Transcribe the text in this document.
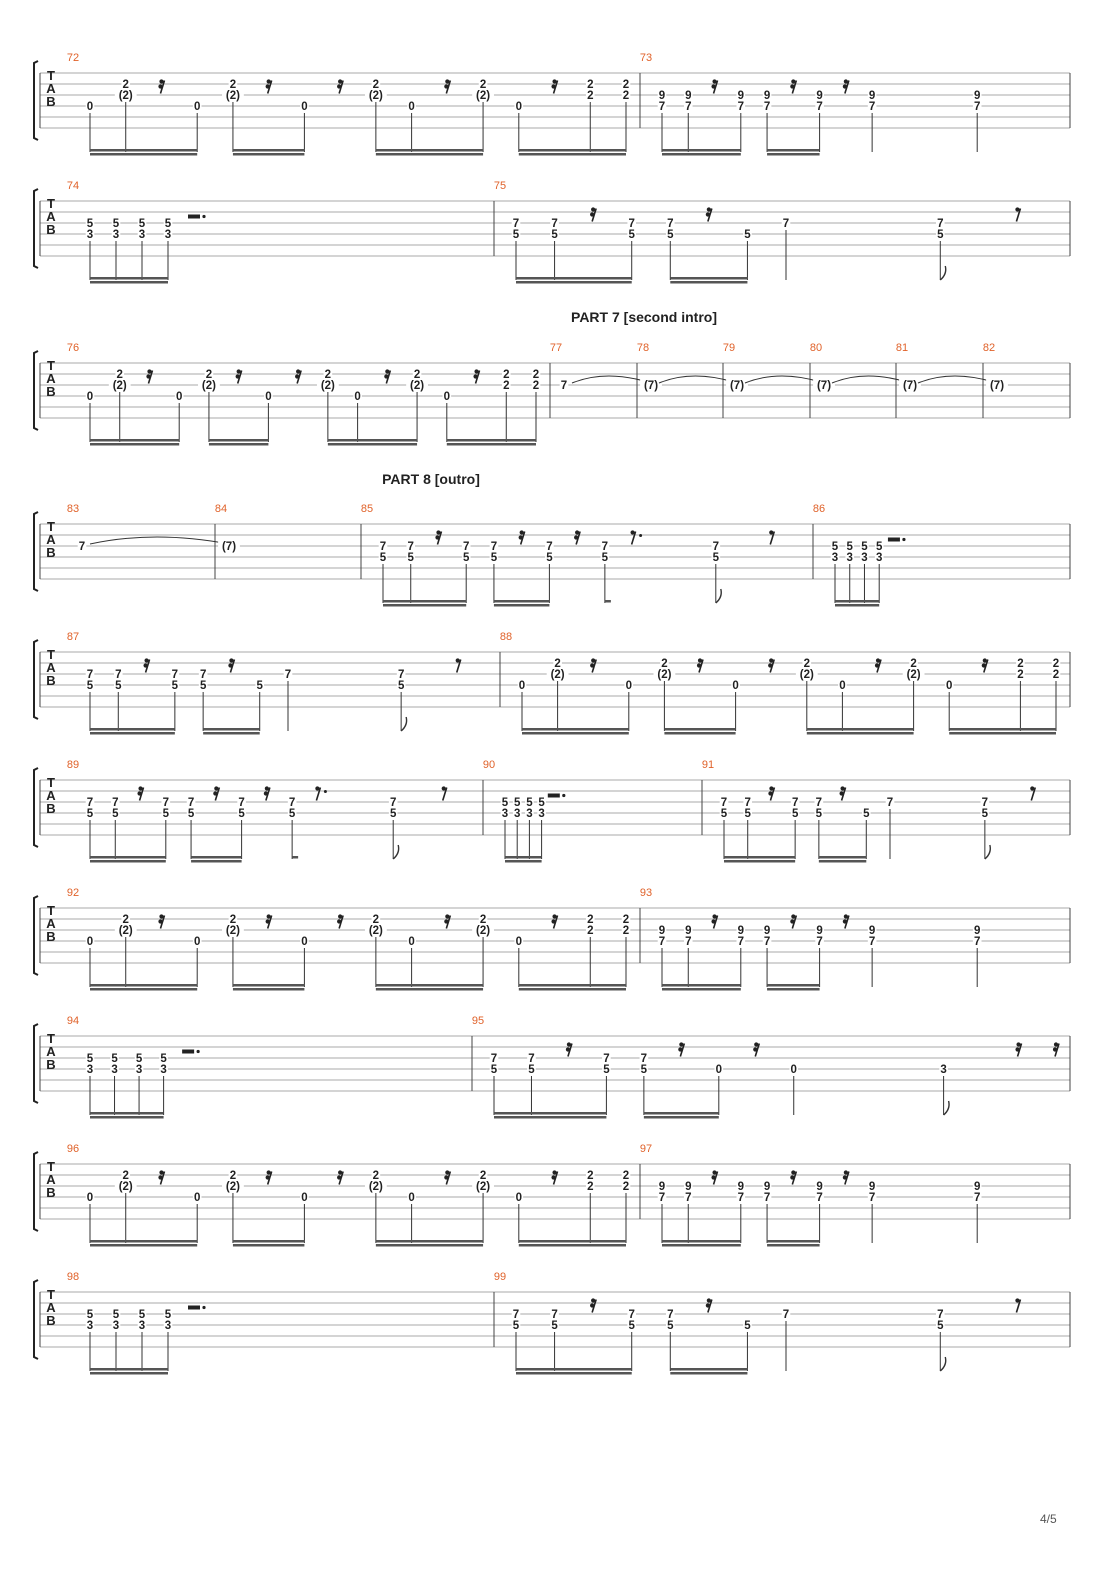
T
A
B
72
0
2
(2)
0
2
(2)
0
2
(2)
0
2
(2)
0
2
2
2
2
73
9
7
9
7
9
7
9
7
9
7
9
7
9
7
T
A
B
74
5
3
5
3
5
3
5
3
75
7
5
7
5
7
5
7
5	5
7	7
5
T
A
B
PART 7 [second intro]
76
0
2
(2)
0
2
(2)
0
2
(2)
0
2
(2)
0
2
2
2
2
77
7
78
(7)
79
(7)
80
(7)
81
(7)
82
(7)
T
A
B
PART 8 [outro]
83
7
84
(7)
85
7
5
7
5
7
5
7
5
7
5
7
5
7
5
86
5
3
5
3
5
3
5
3
T
A
B
87
7
5
7
5
7
5
7
5	5
7	7
5
88
0
2
(2)
0
2
(2)
0
2
(2)
0
2
(2)
0
2
2
2
2
T
A
B
89
7
5
7
5
7
5
7
5
7
5
7
5
7
5
90
5
3
5
3
5
3
5
3
91
7
5
7
5
7
5
7
5	5
7	7
5
T
A
B
92
0
2
(2)
0
2
(2)
0
2
(2)
0
2
(2)
0
2
2
2
2
93
9
7
9
7
9
7
9
7
9
7
9
7
9
7
T
A
B
94
5
3
5
3
5
3
5
3
95
7
5
7
5
7
5
7
5	0	0	3
T
A
B
96
0
2
(2)
0
2
(2)
0
2
(2)
0
2
(2)
0
2
2
2
2
97
9
7
9
7
9
7
9
7
9
7
9
7
9
7
T
A
B
98
5
3
5
3
5
3
5
3
99
7
5
7
5
7
5
7
5	5
7	7
5
4/5
